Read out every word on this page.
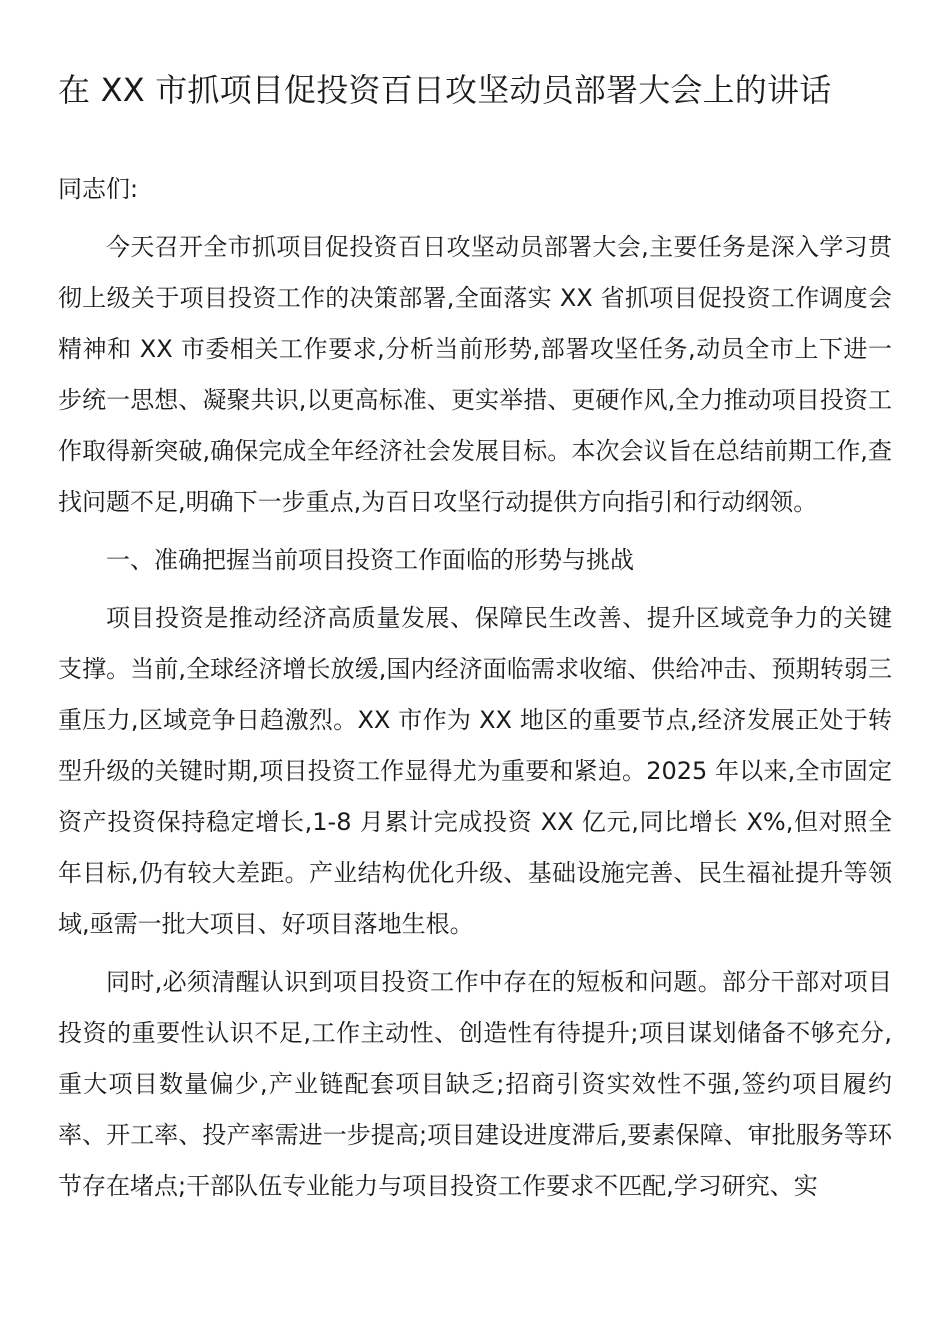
在 XX 市抓项目促投资百日攻坚动员部署大会上的讲话

同志们:

今天召开全市抓项目促投资百日攻坚动员部署大会,主要任务是深入学习贯彻上级关于项目投资工作的决策部署,全面落实 XX 省抓项目促投资工作调度会精神和 XX 市委相关工作要求,分析当前形势,部署攻坚任务,动员全市上下进一步统一思想、凝聚共识,以更高标准、更实举措、更硬作风,全力推动项目投资工作取得新突破,确保完成全年经济社会发展目标。本次会议旨在总结前期工作,查找问题不足,明确下一步重点,为百日攻坚行动提供方向指引和行动纲领。

一、准确把握当前项目投资工作面临的形势与挑战

项目投资是推动经济高质量发展、保障民生改善、提升区域竞争力的关键支撑。当前,全球经济增长放缓,国内经济面临需求收缩、供给冲击、预期转弱三重压力,区域竞争日趋激烈。XX 市作为 XX 地区的重要节点,经济发展正处于转型升级的关键时期,项目投资工作显得尤为重要和紧迫。2025 年以来,全市固定资产投资保持稳定增长,1-8 月累计完成投资 XX 亿元,同比增长 X%,但对照全年目标,仍有较大差距。产业结构优化升级、基础设施完善、民生福祉提升等领域,亟需一批大项目、好项目落地生根。

同时,必须清醒认识到项目投资工作中存在的短板和问题。部分干部对项目投资的重要性认识不足,工作主动性、创造性有待提升;项目谋划储备不够充分,重大项目数量偏少,产业链配套项目缺乏;招商引资实效性不强,签约项目履约率、开工率、投产率需进一步提高;项目建设进度滞后,要素保障、审批服务等环节存在堵点;干部队伍专业能力与项目投资工作要求不匹配,学习研究、实
